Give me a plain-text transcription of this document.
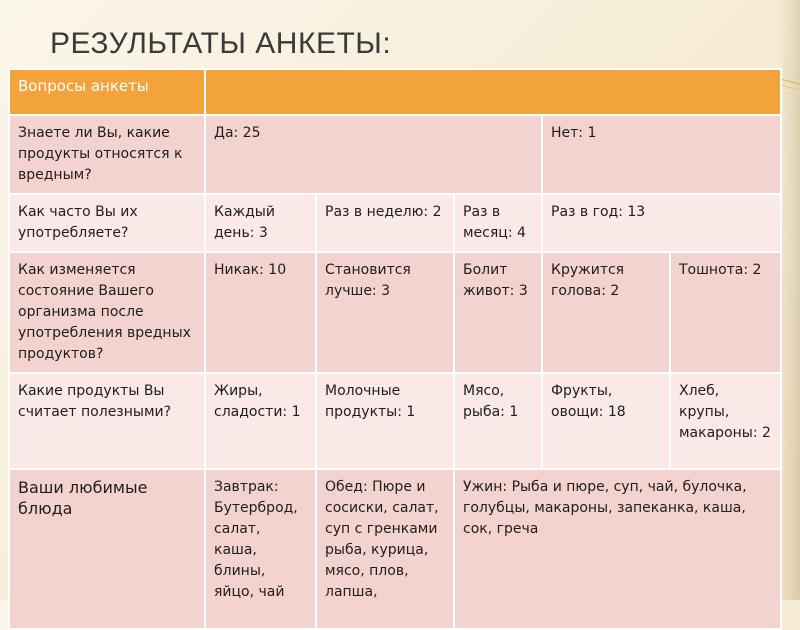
РЕЗУЛЬТАТЫ АНКЕТЫ:
Вопросы анкеты					
Знаете ли Вы, какие продукты относятся к вредным?	Да: 25			Нет: 1	
Как часто Вы их употребляете?	Каждый день: 3	Раз в неделю: 2	Раз в месяц: 4	Раз в год: 13	
Как изменяется состояние Вашего организма после употребления вредных продуктов?	Никак: 10	Становится лучше: 3	Болит живот: 3	Кружится голова: 2	Тошнота: 2
Какие продукты Вы считает полезными?	Жиры, сладости: 1	Молочные продукты: 1	Мясо, рыба: 1	Фрукты, овощи: 18	Хлеб, крупы, макароны: 2
Ваши любимые блюда	Завтрак: Бутерброд, салат, каша, блины, яйцо, чай	Обед: Пюре и сосиски, салат, суп с гренками рыба, курица, мясо, плов, лапша,	Ужин: Рыба и пюре, суп, чай, булочка, голубцы, макароны, запеканка, каша, сок, греча		
